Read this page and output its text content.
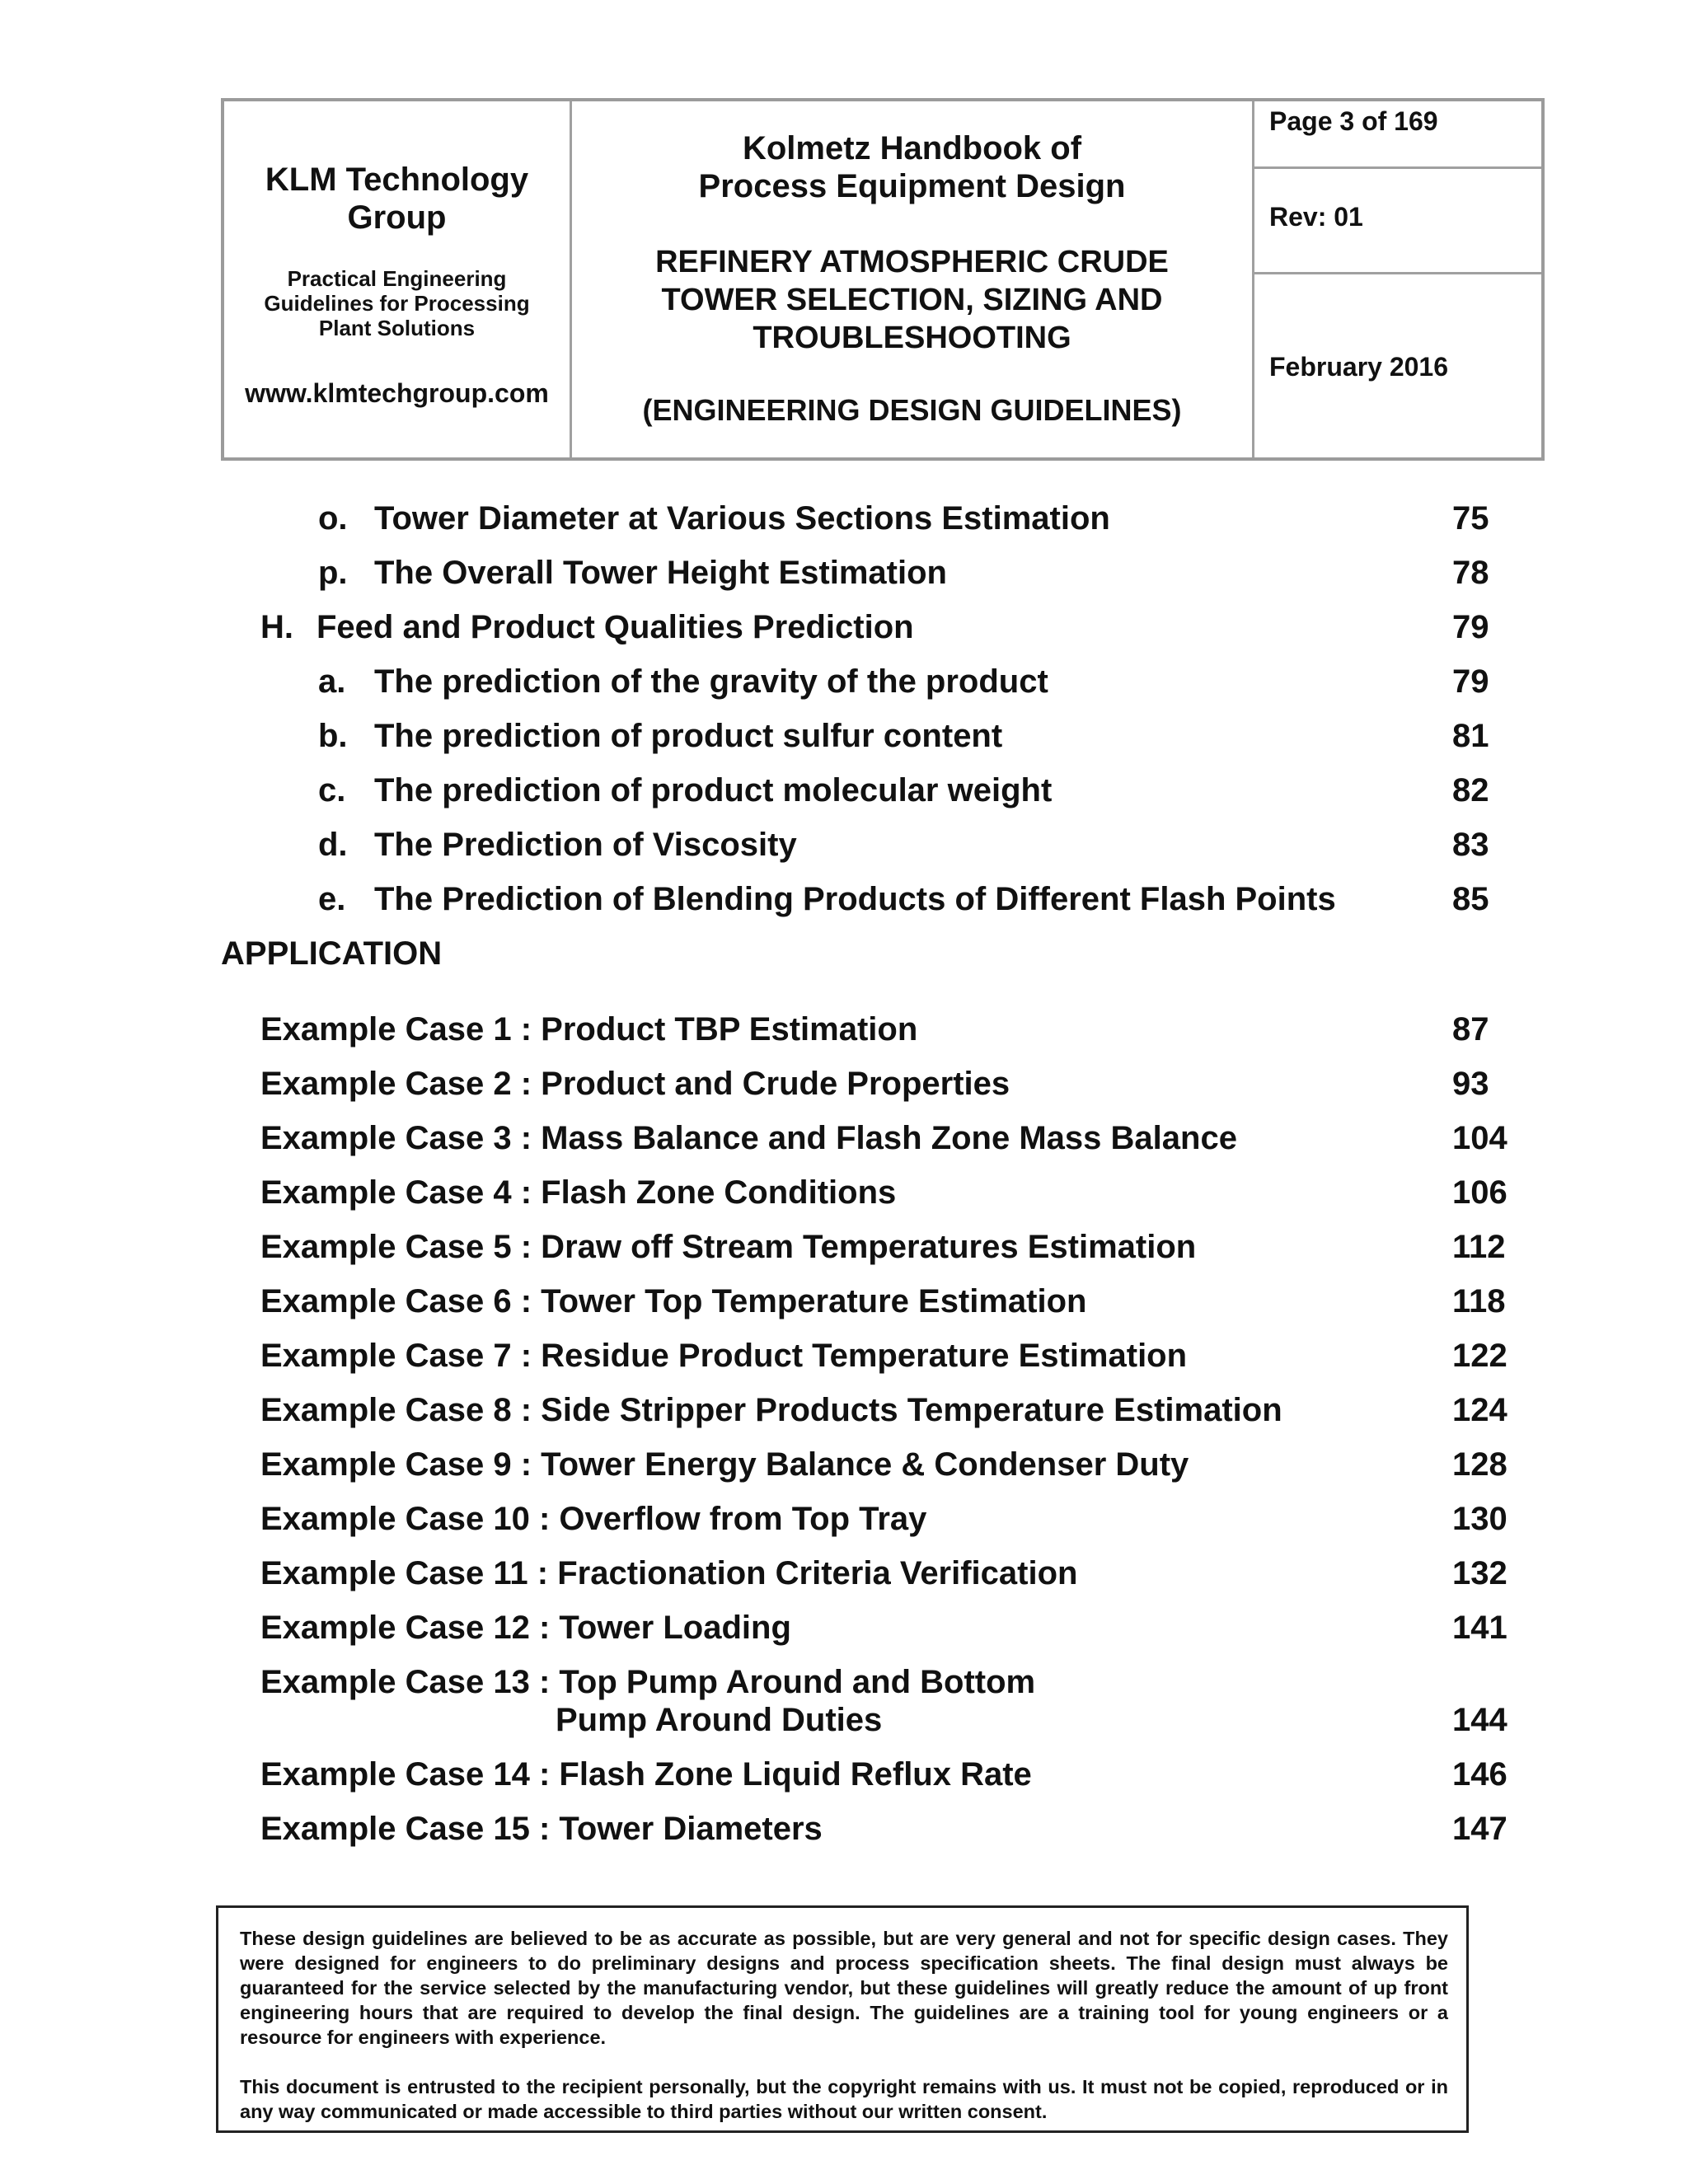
KLM Technology
Group
Practical Engineering
Guidelines for Processing
Plant Solutions
www.klmtechgroup.com
Kolmetz Handbook of
Process Equipment Design
REFINERY ATMOSPHERIC CRUDE
TOWER SELECTION, SIZING AND
TROUBLESHOOTING
(ENGINEERING DESIGN GUIDELINES)
Page 3 of 169
Rev: 01
February 2016
o. Tower Diameter at Various Sections Estimation	75
p. The Overall Tower Height Estimation	78
H. Feed and Product Qualities Prediction	79
a. The prediction of the gravity of the product	79
b. The prediction of product sulfur content	81
c. The prediction of product molecular weight	82
d. The Prediction of Viscosity	83
e. The Prediction of Blending Products of Different Flash Points	85
APPLICATION
Example Case 1 : Product TBP Estimation	87
Example Case 2 : Product and Crude Properties	93
Example Case 3 : Mass Balance and Flash Zone Mass Balance	104
Example Case 4 : Flash Zone Conditions	106
Example Case 5 : Draw off Stream Temperatures Estimation	112
Example Case 6 : Tower Top Temperature Estimation	118
Example Case 7 : Residue Product Temperature Estimation	122
Example Case 8 : Side Stripper Products Temperature Estimation	124
Example Case 9 : Tower Energy Balance & Condenser Duty	128
Example Case 10 : Overflow from Top Tray	130
Example Case 11 : Fractionation Criteria Verification	132
Example Case 12 : Tower Loading	141
Example Case 13 : Top Pump Around and Bottom
Pump Around Duties	144
Example Case 14 : Flash Zone Liquid Reflux Rate	146
Example Case 15 : Tower Diameters	147

These design guidelines are believed to be as accurate as possible, but are very general and not for specific design cases. They were designed for engineers to do preliminary designs and process specification sheets. The final design must always be guaranteed for the service selected by the manufacturing vendor, but these guidelines will greatly reduce the amount of up front engineering hours that are required to develop the final design. The guidelines are a training tool for young engineers or a resource for engineers with experience.

This document is entrusted to the recipient personally, but the copyright remains with us. It must not be copied, reproduced or in any way communicated or made accessible to third parties without our written consent.
